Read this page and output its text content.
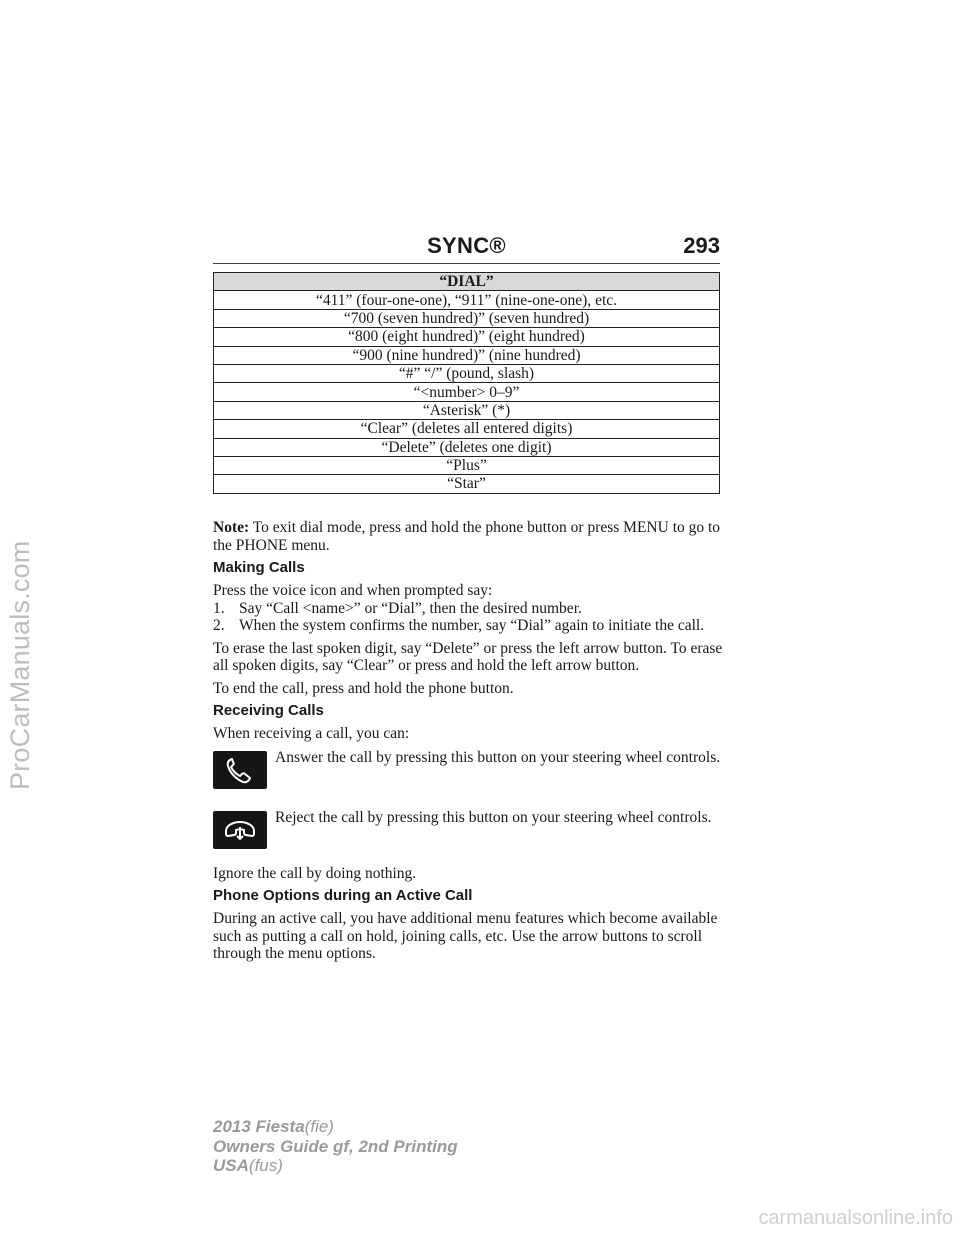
SYNC®	293
“DIAL”
“411” (four-one-one), “911” (nine-one-one), etc.
“700 (seven hundred)” (seven hundred)
“800 (eight hundred)” (eight hundred)
“900 (nine hundred)” (nine hundred)
“#” “/” (pound, slash)
“<number> 0–9”
“Asterisk” (*)
“Clear” (deletes all entered digits)
“Delete” (deletes one digit)
“Plus”
“Star”

Note: To exit dial mode, press and hold the phone button or press MENU to go to the PHONE menu.

Making Calls

Press the voice icon and when prompted say:

1. Say “Call <name>” or “Dial”, then the desired number.
2. When the system confirms the number, say “Dial” again to initiate the call.

To erase the last spoken digit, say “Delete” or press the left arrow button. To erase all spoken digits, say “Clear” or press and hold the left arrow button.

To end the call, press and hold the phone button.

Receiving Calls

When receiving a call, you can:

Answer the call by pressing this button on your steering wheel controls.
Reject the call by pressing this button on your steering wheel controls.

Ignore the call by doing nothing.

Phone Options during an Active Call

During an active call, you have additional menu features which become available such as putting a call on hold, joining calls, etc. Use the arrow buttons to scroll through the menu options.

ProCarManuals.com
2013 Fiesta(fie)
Owners Guide gf, 2nd Printing
USA(fus)
carmanualsonline.info
